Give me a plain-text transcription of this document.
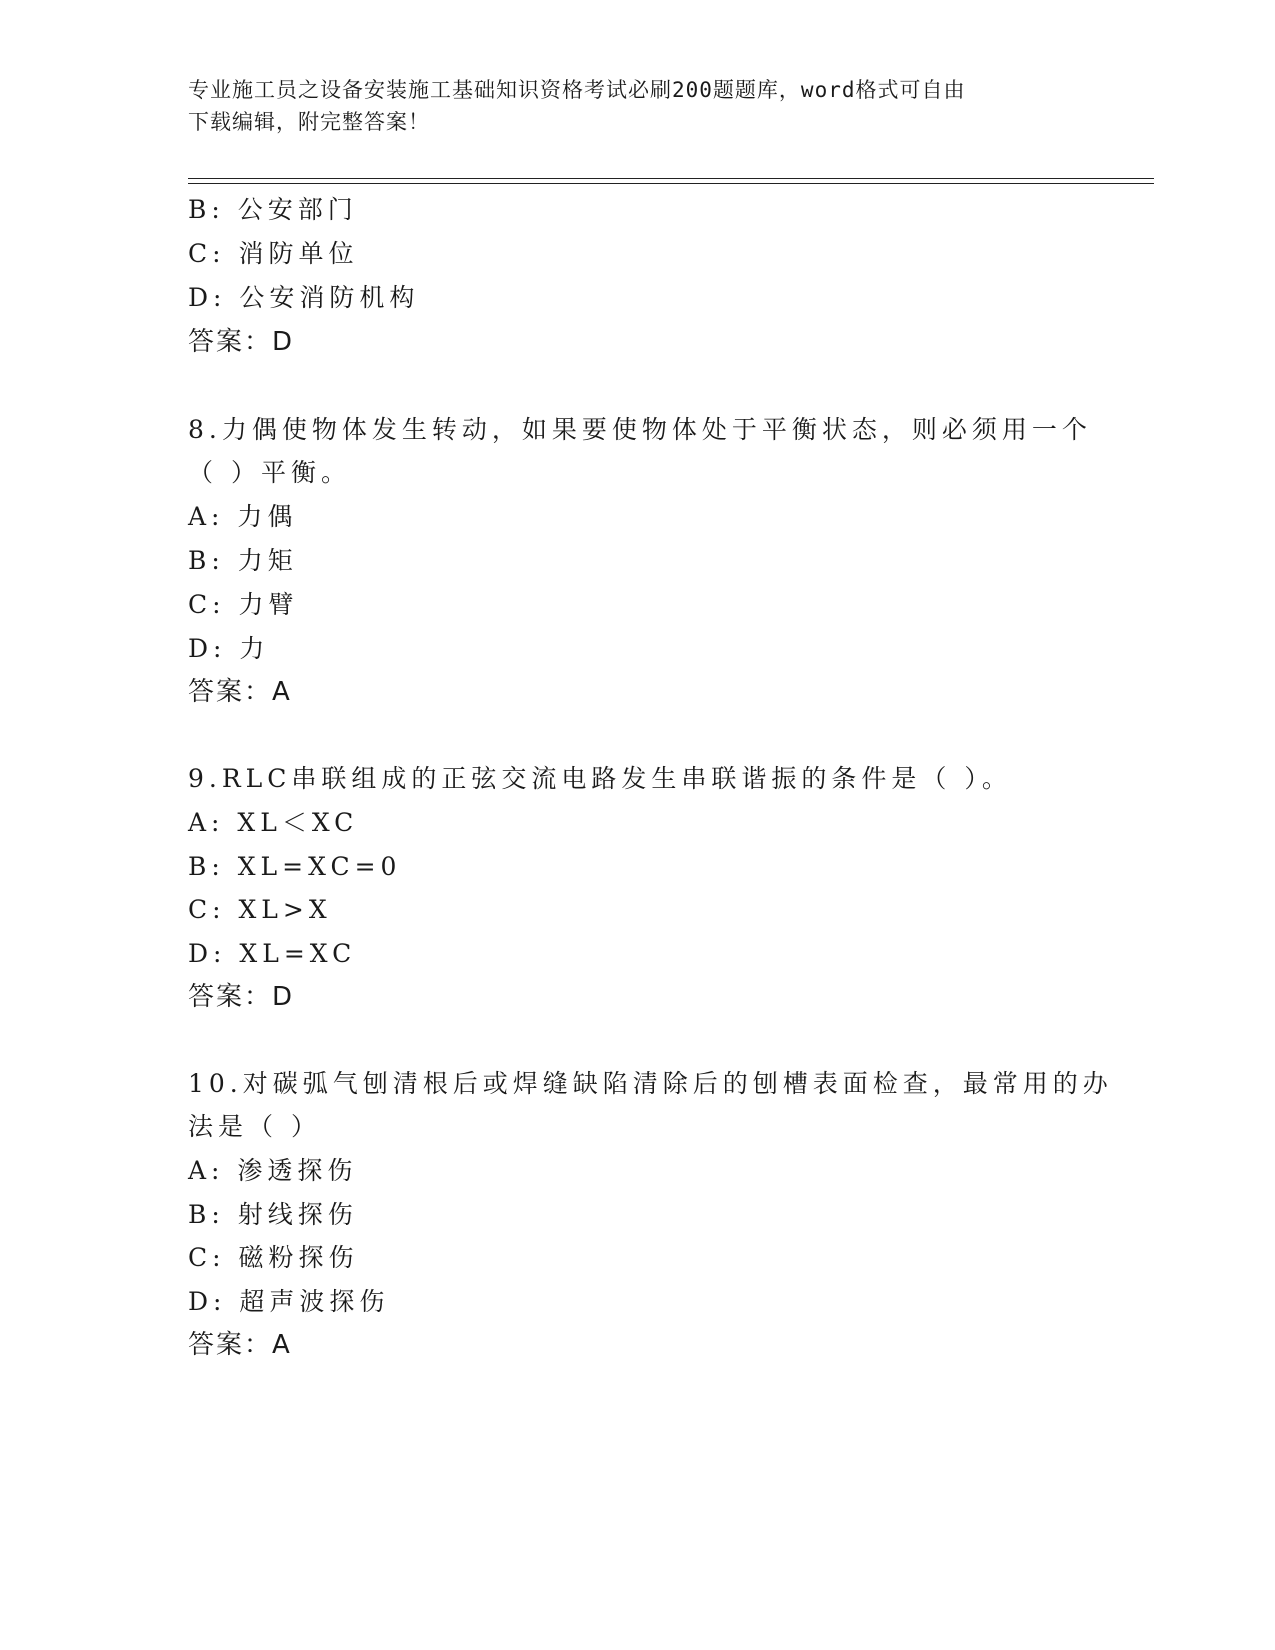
专业施工员之设备安装施工基础知识资格考试必刷200题题库，word格式可自由
下载编辑，附完整答案！
B: 公安部门
C: 消防单位
D: 公安消防机构
答案：D
8.力偶使物体发生转动，如果要使物体处于平衡状态，则必须用一个
（ ）平衡。
A: 力偶
B: 力矩
C: 力臂
D: 力
答案：A
9.RLC串联组成的正弦交流电路发生串联谐振的条件是（ ）。
A: XL＜XC
B: XL=XC=0
C: XL>X
D: XL=XC
答案：D
10.对碳弧气刨清根后或焊缝缺陷清除后的刨槽表面检查，最常用的办
法是（ ）
A: 渗透探伤
B: 射线探伤
C: 磁粉探伤
D: 超声波探伤
答案：A
